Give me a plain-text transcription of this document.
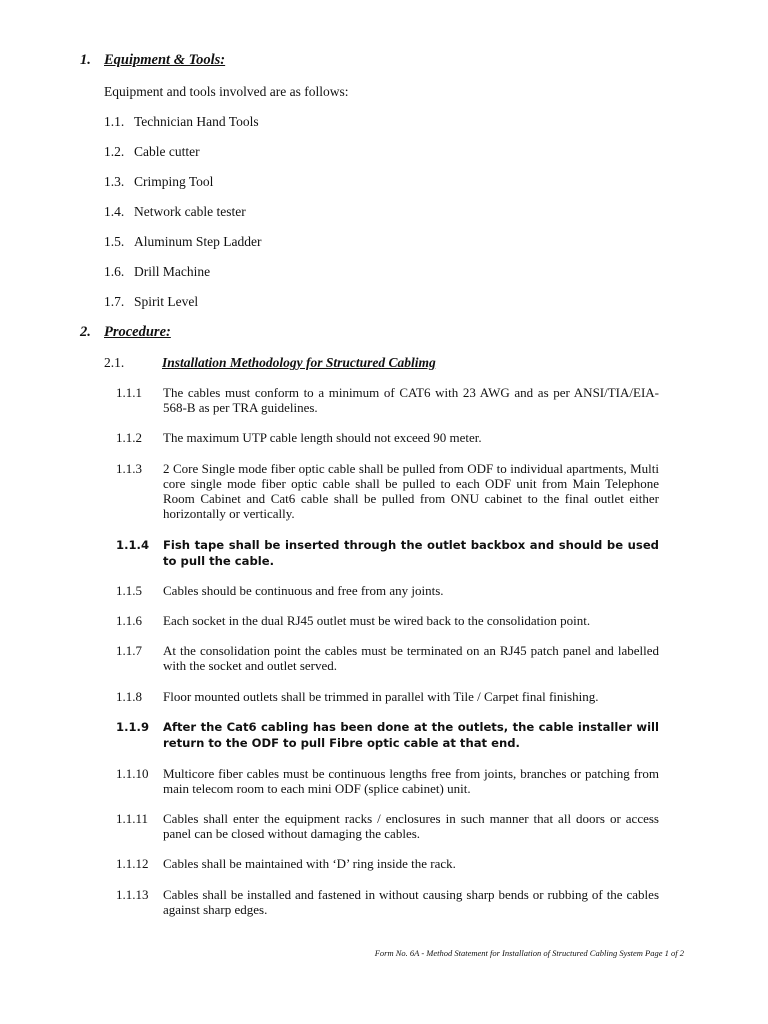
1. Equipment & Tools:
Equipment and tools involved are as follows:
1.1. Technician Hand Tools
1.2. Cable cutter
1.3. Crimping Tool
1.4. Network cable tester
1.5. Aluminum Step Ladder
1.6. Drill Machine
1.7. Spirit Level
2. Procedure:
2.1.	Installation Methodology for Structured Cablimg
1.1.1 The cables must conform to a minimum of CAT6 with 23 AWG and as per ANSI/TIA/EIA-568-B as per TRA guidelines.
1.1.2 The maximum UTP cable length should not exceed 90 meter.
1.1.3 2 Core Single mode fiber optic cable shall be pulled from ODF to individual apartments, Multi core single mode fiber optic cable shall be pulled to each ODF unit from Main Telephone Room Cabinet and Cat6 cable shall be pulled from ONU cabinet to the final outlet either horizontally or vertically.
1.1.4 Fish tape shall be inserted through the outlet backbox and should be used to pull the cable.
1.1.5 Cables should be continuous and free from any joints.
1.1.6 Each socket in the dual RJ45 outlet must be wired back to the consolidation point.
1.1.7 At the consolidation point the cables must be terminated on an RJ45 patch panel and labelled with the socket and outlet served.
1.1.8 Floor mounted outlets shall be trimmed in parallel with Tile / Carpet final finishing.
1.1.9 After the Cat6 cabling has been done at the outlets, the cable installer will return to the ODF to pull Fibre optic cable at that end.
1.1.10 Multicore fiber cables must be continuous lengths free from joints, branches or patching from main telecom room to each mini ODF (splice cabinet) unit.
1.1.11 Cables shall enter the equipment racks / enclosures in such manner that all doors or access panel can be closed without damaging the cables.
1.1.12 Cables shall be maintained with ‘D’ ring inside the rack.
1.1.13 Cables shall be installed and fastened in without causing sharp bends or rubbing of the cables against sharp edges.
Form No. 6A - Method Statement for Installation of Structured Cabling System Page 1 of 2
